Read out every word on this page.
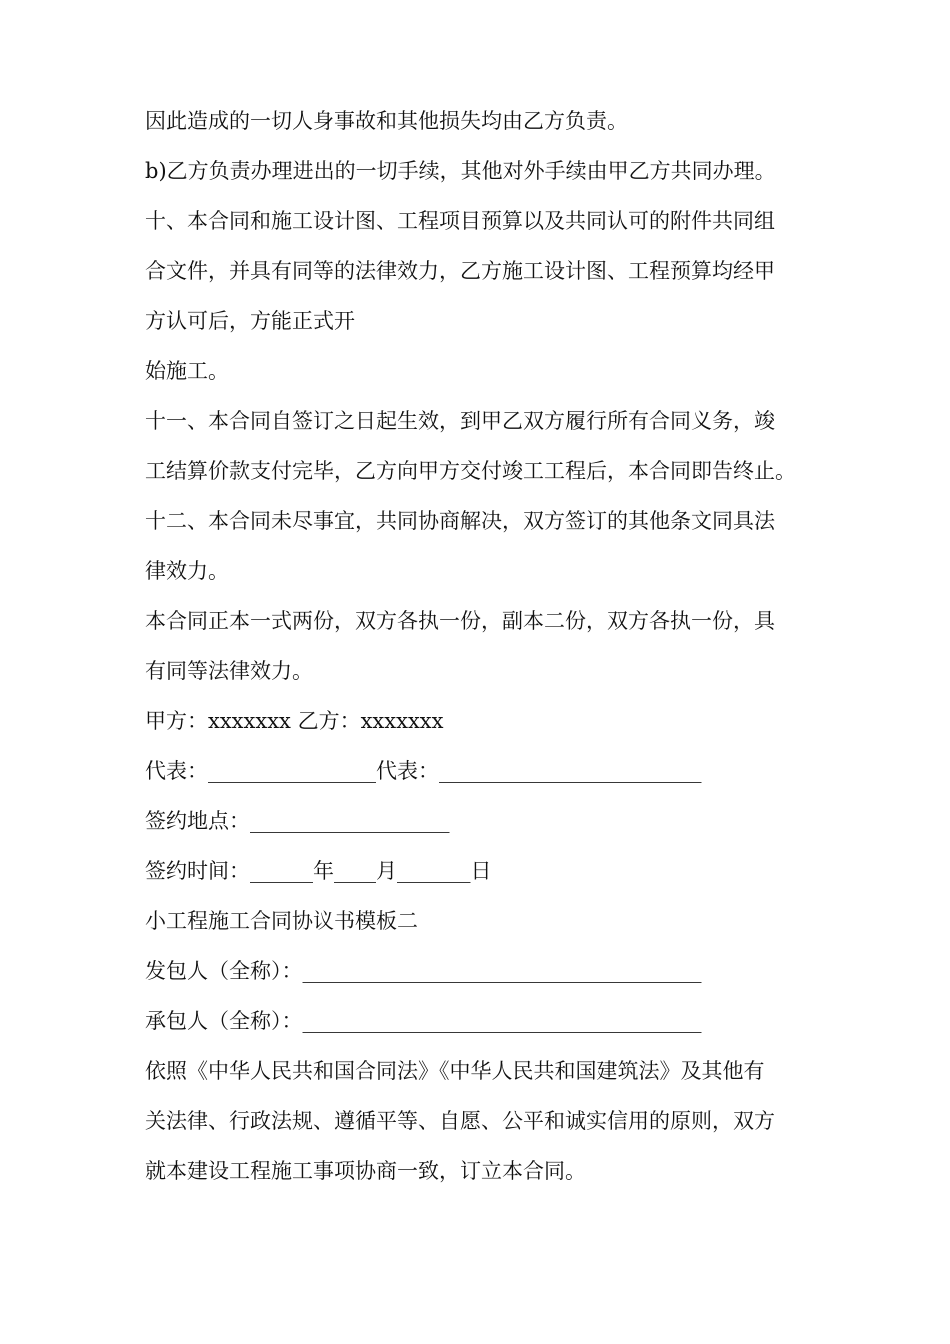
因此造成的一切人身事故和其他损失均由乙方负责。
b)乙方负责办理进出的一切手续，其他对外手续由甲乙方共同办理。
十、本合同和施工设计图、工程项目预算以及共同认可的附件共同组
合文件，并具有同等的法律效力，乙方施工设计图、工程预算均经甲
方认可后，方能正式开
始施工。
十一、本合同自签订之日起生效，到甲乙双方履行所有合同义务，竣
工结算价款支付完毕，乙方向甲方交付竣工工程后，本合同即告终止。
十二、本合同未尽事宜，共同协商解决，双方签订的其他条文同具法
律效力。
本合同正本一式两份，双方各执一份，副本二份，双方各执一份，具
有同等法律效力。
甲方：xxxxxxx 乙方：xxxxxxx
代表：________________代表：_________________________
签约地点：___________________
签约时间：______年____月_______日
小工程施工合同协议书模板二
发包人（全称）：______________________________________
承包人（全称）：______________________________________
依照《中华人民共和国合同法》《中华人民共和国建筑法》及其他有
关法律、行政法规、遵循平等、自愿、公平和诚实信用的原则，双方
就本建设工程施工事项协商一致，订立本合同。
